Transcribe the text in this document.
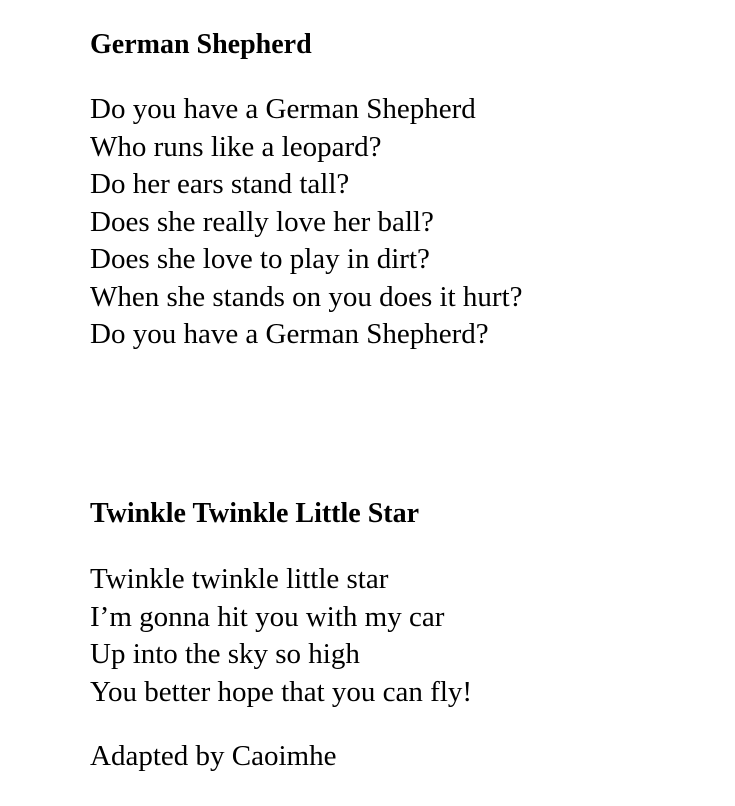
German Shepherd
Do you have a German Shepherd
Who runs like a leopard?
Do her ears stand tall?
Does she really love her ball?
Does she love to play in dirt?
When she stands on you does it hurt?
Do you have a German Shepherd?
Twinkle Twinkle Little Star
Twinkle twinkle little star
I’m gonna hit you with my car
Up into the sky so high
You better hope that you can fly!

Adapted by Caoimhe
